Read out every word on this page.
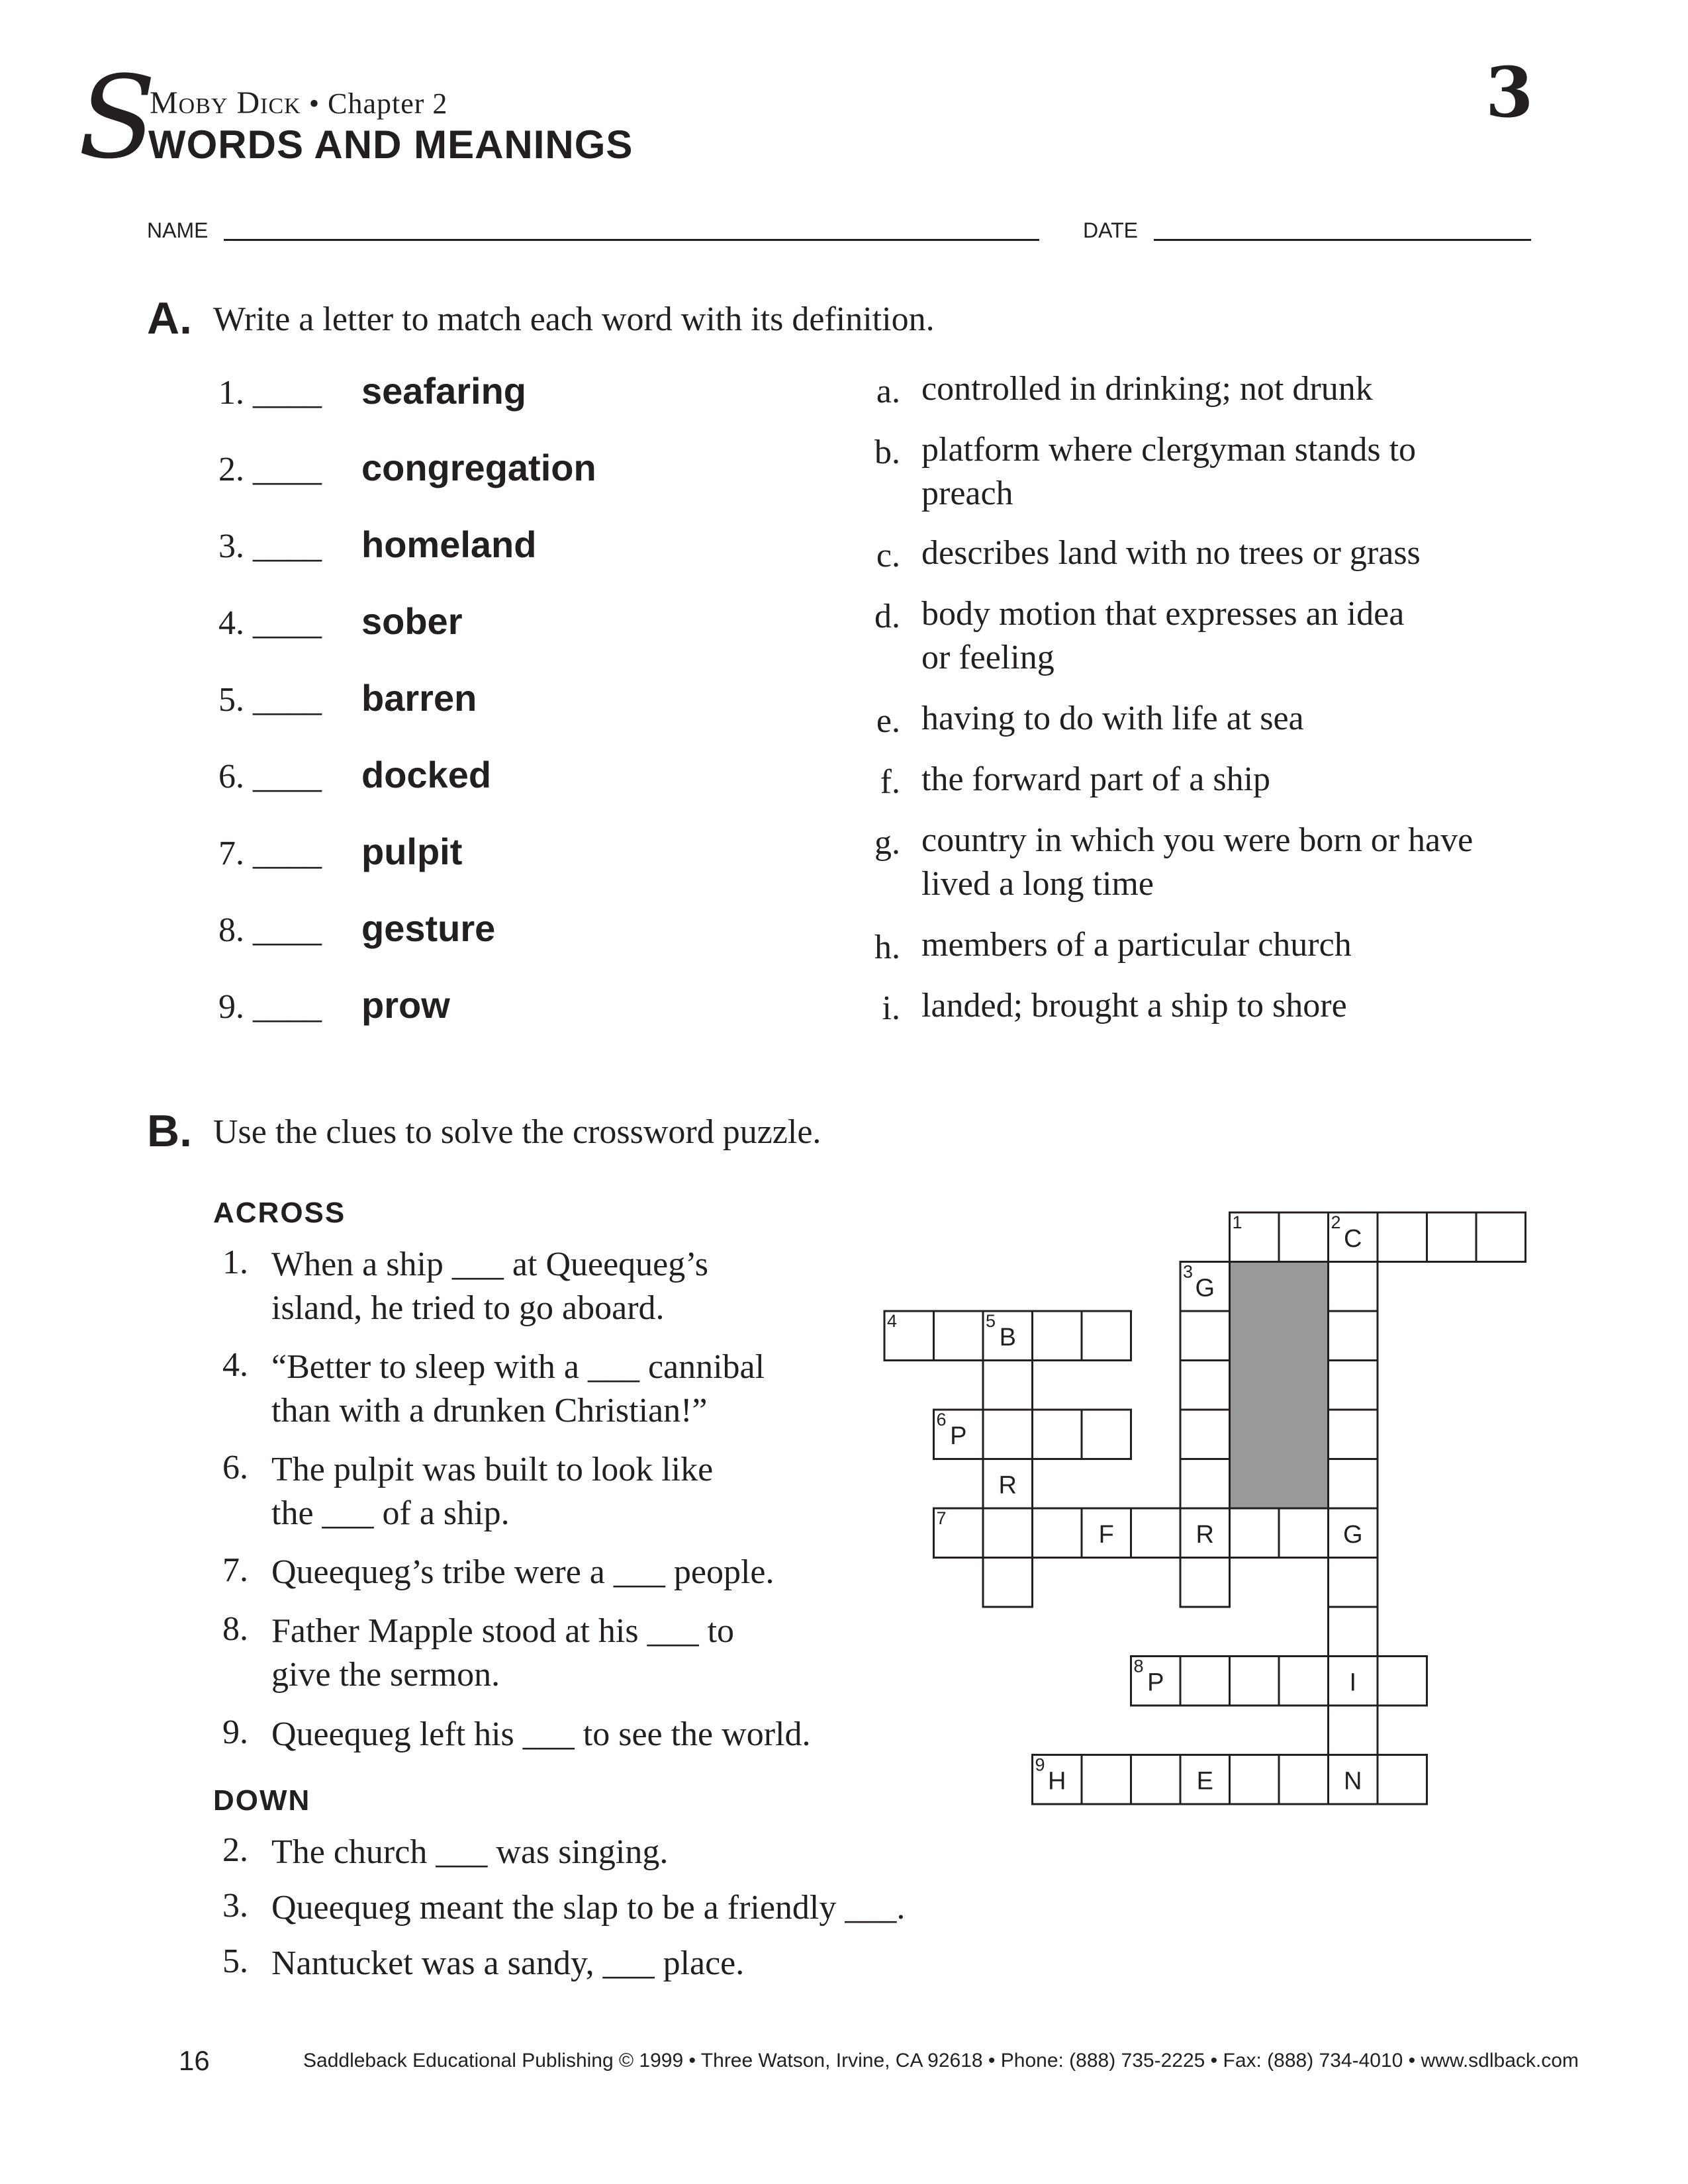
S
Moby Dick • Chapter 2
WORDS AND MEANINGS
3
NAME	DATE
A. Write a letter to match each word with its definition.
1. ____ seafaring
2. ____ congregation
3. ____ homeland
4. ____ sober
5. ____ barren
6. ____ docked
7. ____ pulpit
8. ____ gesture
9. ____ prow
a. controlled in drinking; not drunk
b. platform where clergyman stands to preach
c. describes land with no trees or grass
d. body motion that expresses an idea or feeling
e. having to do with life at sea
f. the forward part of a ship
g. country in which you were born or have lived a long time
h. members of a particular church
i. landed; brought a ship to shore
B. Use the clues to solve the crossword puzzle.
ACROSS
1. When a ship ___ at Queequeg’s
island, he tried to go aboard.
4. “Better to sleep with a ___ cannibal
than with a drunken Christian!”
6. The pulpit was built to look like
the ___ of a ship.
7. Queequeg’s tribe were a ___ people.
8. Father Mapple stood at his ___ to
give the sermon.
9. Queequeg left his ___ to see the world.
DOWN
2. The church ___ was singing.
3. Queequeg meant the slap to be a friendly ___.
5. Nantucket was a sandy, ___ place.
1	2
C
3
G
4	5
B
6
P
R
7
F	R	G
8
P	I
9
H	E	N
16	Saddleback Educational Publishing © 1999 • Three Watson, Irvine, CA 92618 • Phone: (888) 735-2225 • Fax: (888) 734-4010 • www.sdlback.com
